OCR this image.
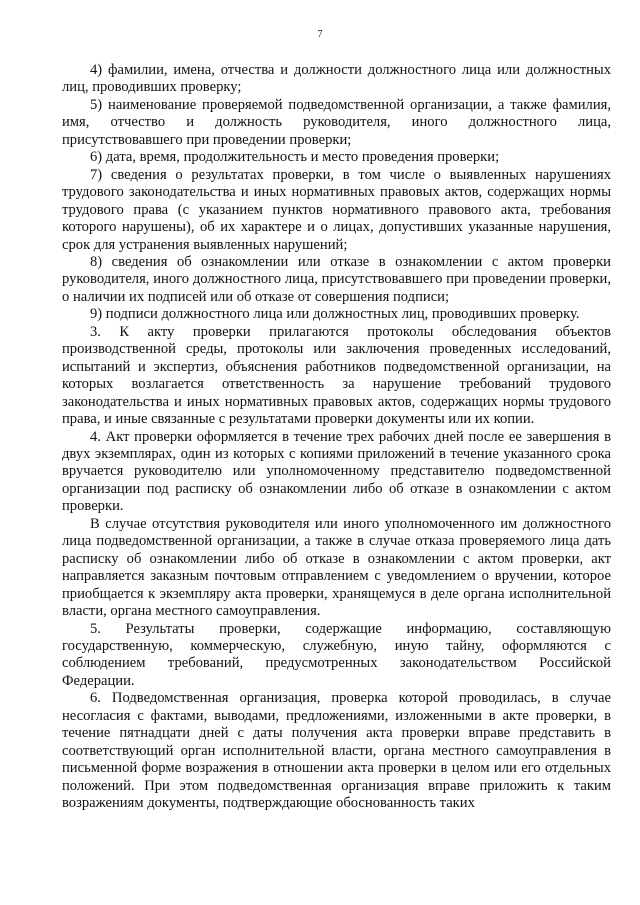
7

4) фамилии, имена, отчества и должности должностного лица или должностных лиц, проводивших проверку;

5) наименование проверяемой подведомственной организации, а также фамилия, имя, отчество и должность руководителя, иного должностного лица, присутствовавшего при проведении проверки;

6) дата, время, продолжительность и место проведения проверки;

7) сведения о результатах проверки, в том числе о выявленных нарушениях трудового законодательства и иных нормативных правовых актов, содержащих нормы трудового права (с указанием пунктов нормативного правового акта, требования которого нарушены), об их характере и о лицах, допустивших указанные нарушения, срок для устранения выявленных нарушений;

8) сведения об ознакомлении или отказе в ознакомлении с актом проверки руководителя, иного должностного лица, присутствовавшего при проведении проверки, о наличии их подписей или об отказе от совершения подписи;

9) подписи должностного лица или должностных лиц, проводивших проверку.

3. К акту проверки прилагаются протоколы обследования объектов производственной среды, протоколы или заключения проведенных исследований, испытаний и экспертиз, объяснения работников подведомственной организации, на которых возлагается ответственность за нарушение требований трудового законодательства и иных нормативных правовых актов, содержащих нормы трудового права, и иные связанные с результатами проверки документы или их копии.

4. Акт проверки оформляется в течение трех рабочих дней после ее завершения в двух экземплярах, один из которых с копиями приложений в течение указанного срока вручается руководителю или уполномоченному представителю подведомственной организации под расписку об ознакомлении либо об отказе в ознакомлении с актом проверки.

В случае отсутствия руководителя или иного уполномоченного им должностного лица подведомственной организации, а также в случае отказа проверяемого лица дать расписку об ознакомлении либо об отказе в ознакомлении с актом проверки, акт направляется заказным почтовым отправлением с уведомлением о вручении, которое приобщается к экземпляру акта проверки, хранящемуся в деле органа исполнительной власти, органа местного самоуправления.

5. Результаты проверки, содержащие информацию, составляющую государственную, коммерческую, служебную, иную тайну, оформляются с соблюдением требований, предусмотренных законодательством Российской Федерации.

6. Подведомственная организация, проверка которой проводилась, в случае несогласия с фактами, выводами, предложениями, изложенными в акте проверки, в течение пятнадцати дней с даты получения акта проверки вправе представить в соответствующий орган исполнительной власти, органа местного самоуправления в письменной форме возражения в отношении акта проверки в целом или его отдельных положений. При этом подведомственная организация вправе приложить к таким возражениям документы, подтверждающие обоснованность таких
